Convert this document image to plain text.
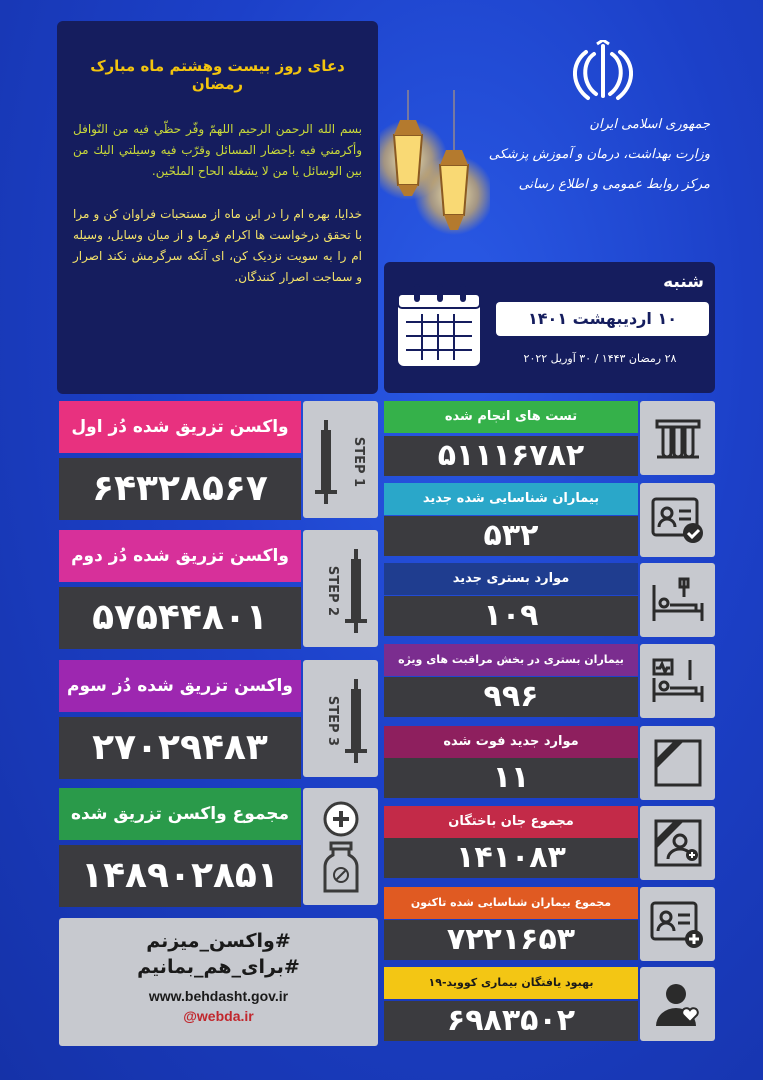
جمهوری اسلامی ایران
وزارت بهداشت، درمان و آموزش پزشکی
مرکز روابط عمومی و اطلاع رسانی
دعای روز بیست وهشتم ماه مبارک رمضان
بسم الله الرحمن الرحيم اللهمّ وفّر حظّي فيه من النّوافل وأكرمني فيه بإحضار المسائل وقرّب فيه وسيلتي اليك من بين الوسائل يا من لا يشغله الحاح الملحّين.
خدايا، بهره ام را در اين ماه از مستحبات فراوان كن و مرا با تحقق درخواست ها اكرام فرما و از ميان وسايل، وسيله ام را به سويت نزديک كن، ای آنكه سرگرمش نكند اصرار و سماجت اصرار كنندگان.	شنبه
۱۰ اردیبهشت ۱۴۰۱
۲۸ رمضان ۱۴۴۳ / ۳۰ آوریل ۲۰۲۲
تست های انجام شده
۵۱۱۱۶۷۸۲
بیماران شناسایی شده جدید
۵۳۲
موارد بستری جدید
۱۰۹
بیماران بستری در بخش مراقبت های ویژه
۹۹۶
موارد جدید فوت شده
۱۱
مجموع جان باختگان
۱۴۱۰۸۳
مجموع بیماران شناسایی شده تاکنون
۷۲۲۱۶۵۳
بهبود یافتگان بیماری کووید-۱۹
۶۹۸۳۵۰۲
واکسن تزریق شده دُز اول
۶۴۳۲۸۵۶۷
STEP 1
واکسن تزریق شده دُز دوم
۵۷۵۴۴۸۰۱
STEP 2
واکسن تزریق شده دُز سوم
۲۷۰۲۹۴۸۳
STEP 3
مجموع واکسن تزریق شده
۱۴۸۹۰۲۸۵۱
#واکسن_میزنم
#برای_هم_بمانیم
www.behdasht.gov.ir
@webda.ir
